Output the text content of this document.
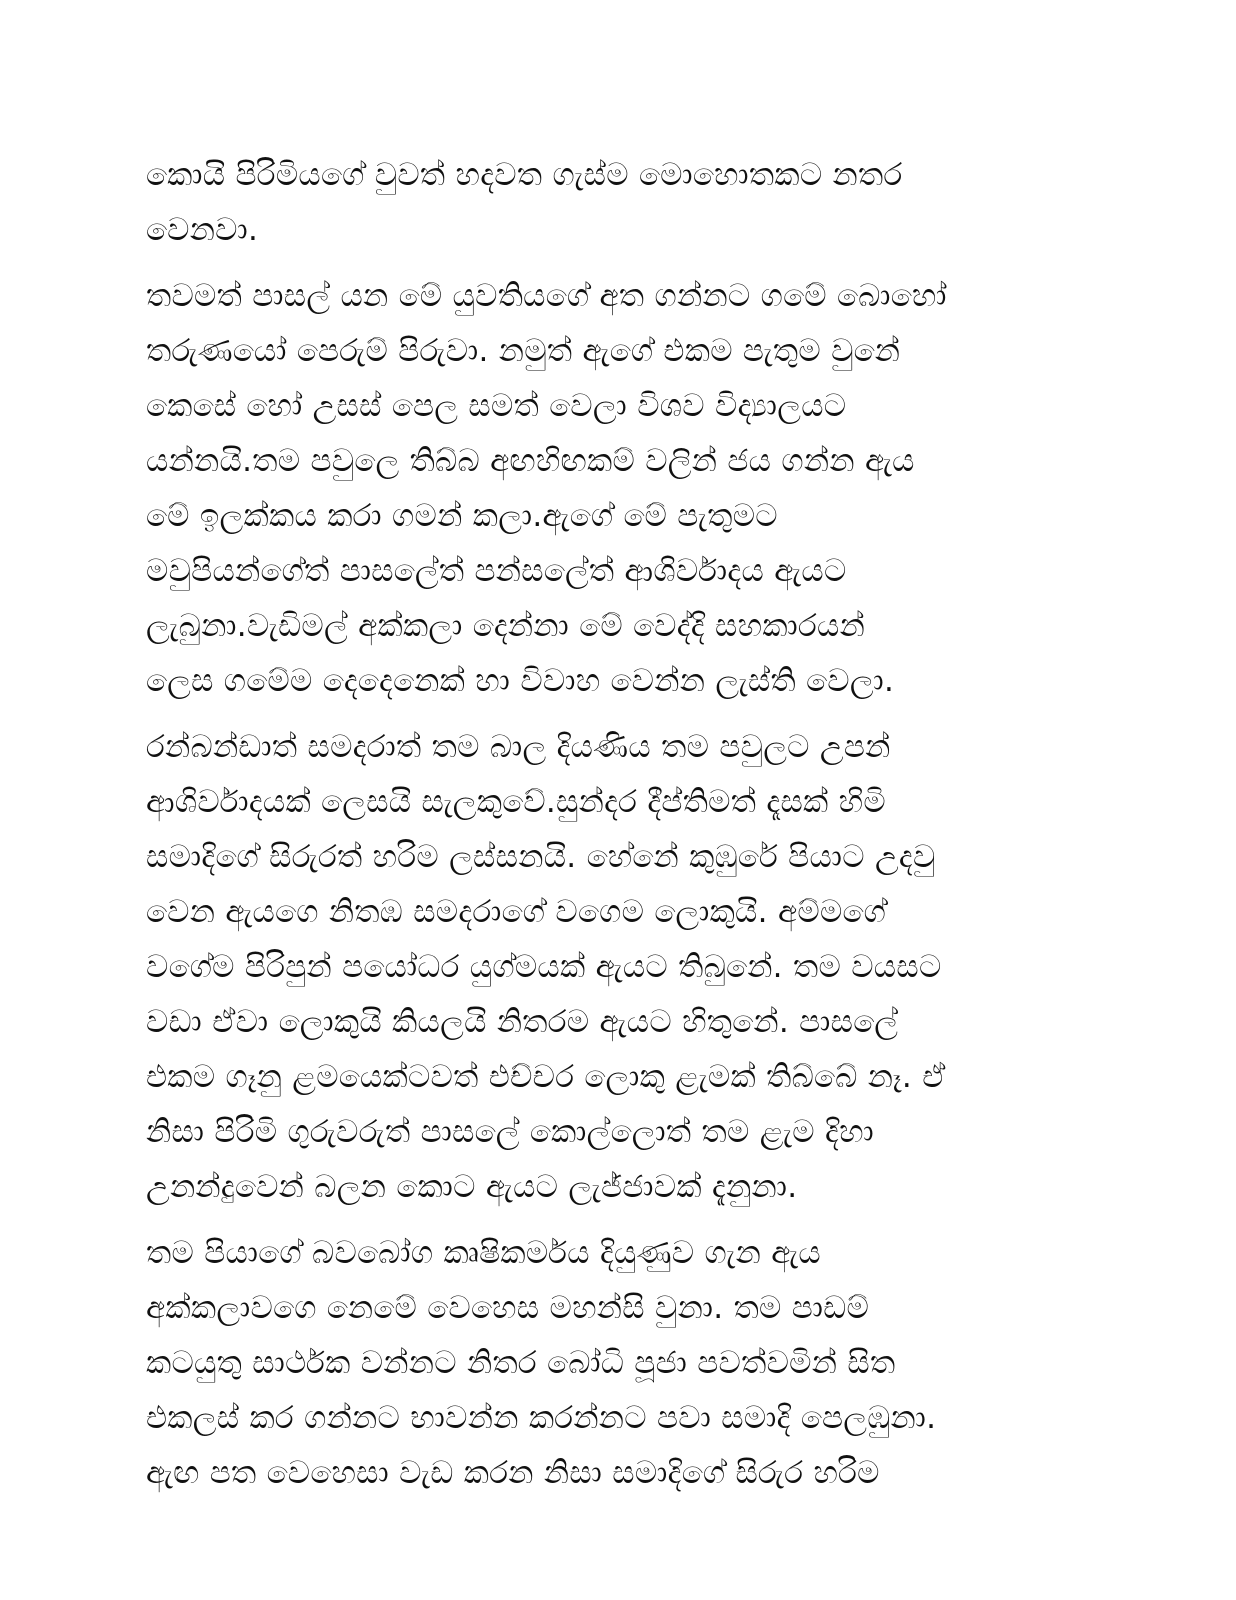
කොයි පිරිමියගේ වුවත් හදවත ගැස්ම මොහොතකට නතර
වෙනවා.
තවමත් පාසල් යන මේ යුවතියගේ අත ගන්නට ගමේ බොහෝ
තරුණයෝ පෙරුම් පිරුවා. නමුත් ඇගේ එකම පැතුම වුනේ
කෙසේ හෝ උසස් පෙල සමත් වෙලා විශව විද්‍යාලයට
යන්නයි.තම පවුලෙ තිබ්බ අඟහිඟකම් වලින් ජය ගන්න ඇය
මේ ඉලක්කය කරා ගමන් කලා.ඇගේ මේ පැතුමට
මවුපියන්ගේත් පාසලේත් පන්සලේත් ආශිර්වාදය ඇයට
ලැබුනා.වැඩිමල් අක්කලා දෙන්නා මේ වෙද්දි සහකාරයන්
ලෙස ගමේම දෙදෙනෙක් හා විවාහ වෙන්න ලැස්ති වෙලා.
රන්බන්ඩාත් සමදරාත් තම බාල දියණිය තම පවුලට උපන්
ආශිර්වාදයක් ලෙසයි සැලකුවේ.සුන්දර දීප්තිමත් දෑසක් හිමි
සමාදිගේ සිරුරත් හරිම ලස්සනයි. හේනේ කුඹුරේ පියාට උදවු
වෙන ඇයගෙ නිතඹ සමදරාගේ වගෙම ලොකුයි. අම්මගේ
වගේම පිරිපුන් පයෝධර යුග්මයක් ඇයට තිබුනේ. තම වයසට
වඩා ඒවා ලොකුයි කියලයි නිතරම ඇයට හිතුනේ. පාසලේ
එකම ගෑනු ළමයෙක්ටවත් එච්චර ලොකු ළැමක් තිබ්බේ නෑ. ඒ
නිසා පිරිමි ගුරුවරුත් පාසලේ කොල්ලොත් තම ළැම දිහා
උනන්දුවෙන් බලන කොට ඇයට ලැජ්ජාවක් දැනුනා.
තම පියාගේ බවබෝග කෘෂිකර්මය දියුණුව ගැන ඇය
අක්කලාවගෙ නෙමේ වෙහෙස මහන්සි වුනා. තම පාඩම්
කටයුතු සාර්ථක වන්නට නිතර බෝධි පූජා පවත්වමින් සිත
එකලස් කර ගන්නට භාවන්න කරන්නට පවා සමාදි පෙලඹුනා.
ඇඟ පත වෙහෙසා වැඩ කරන නිසා සමාදිගේ සිරුර හරිම
